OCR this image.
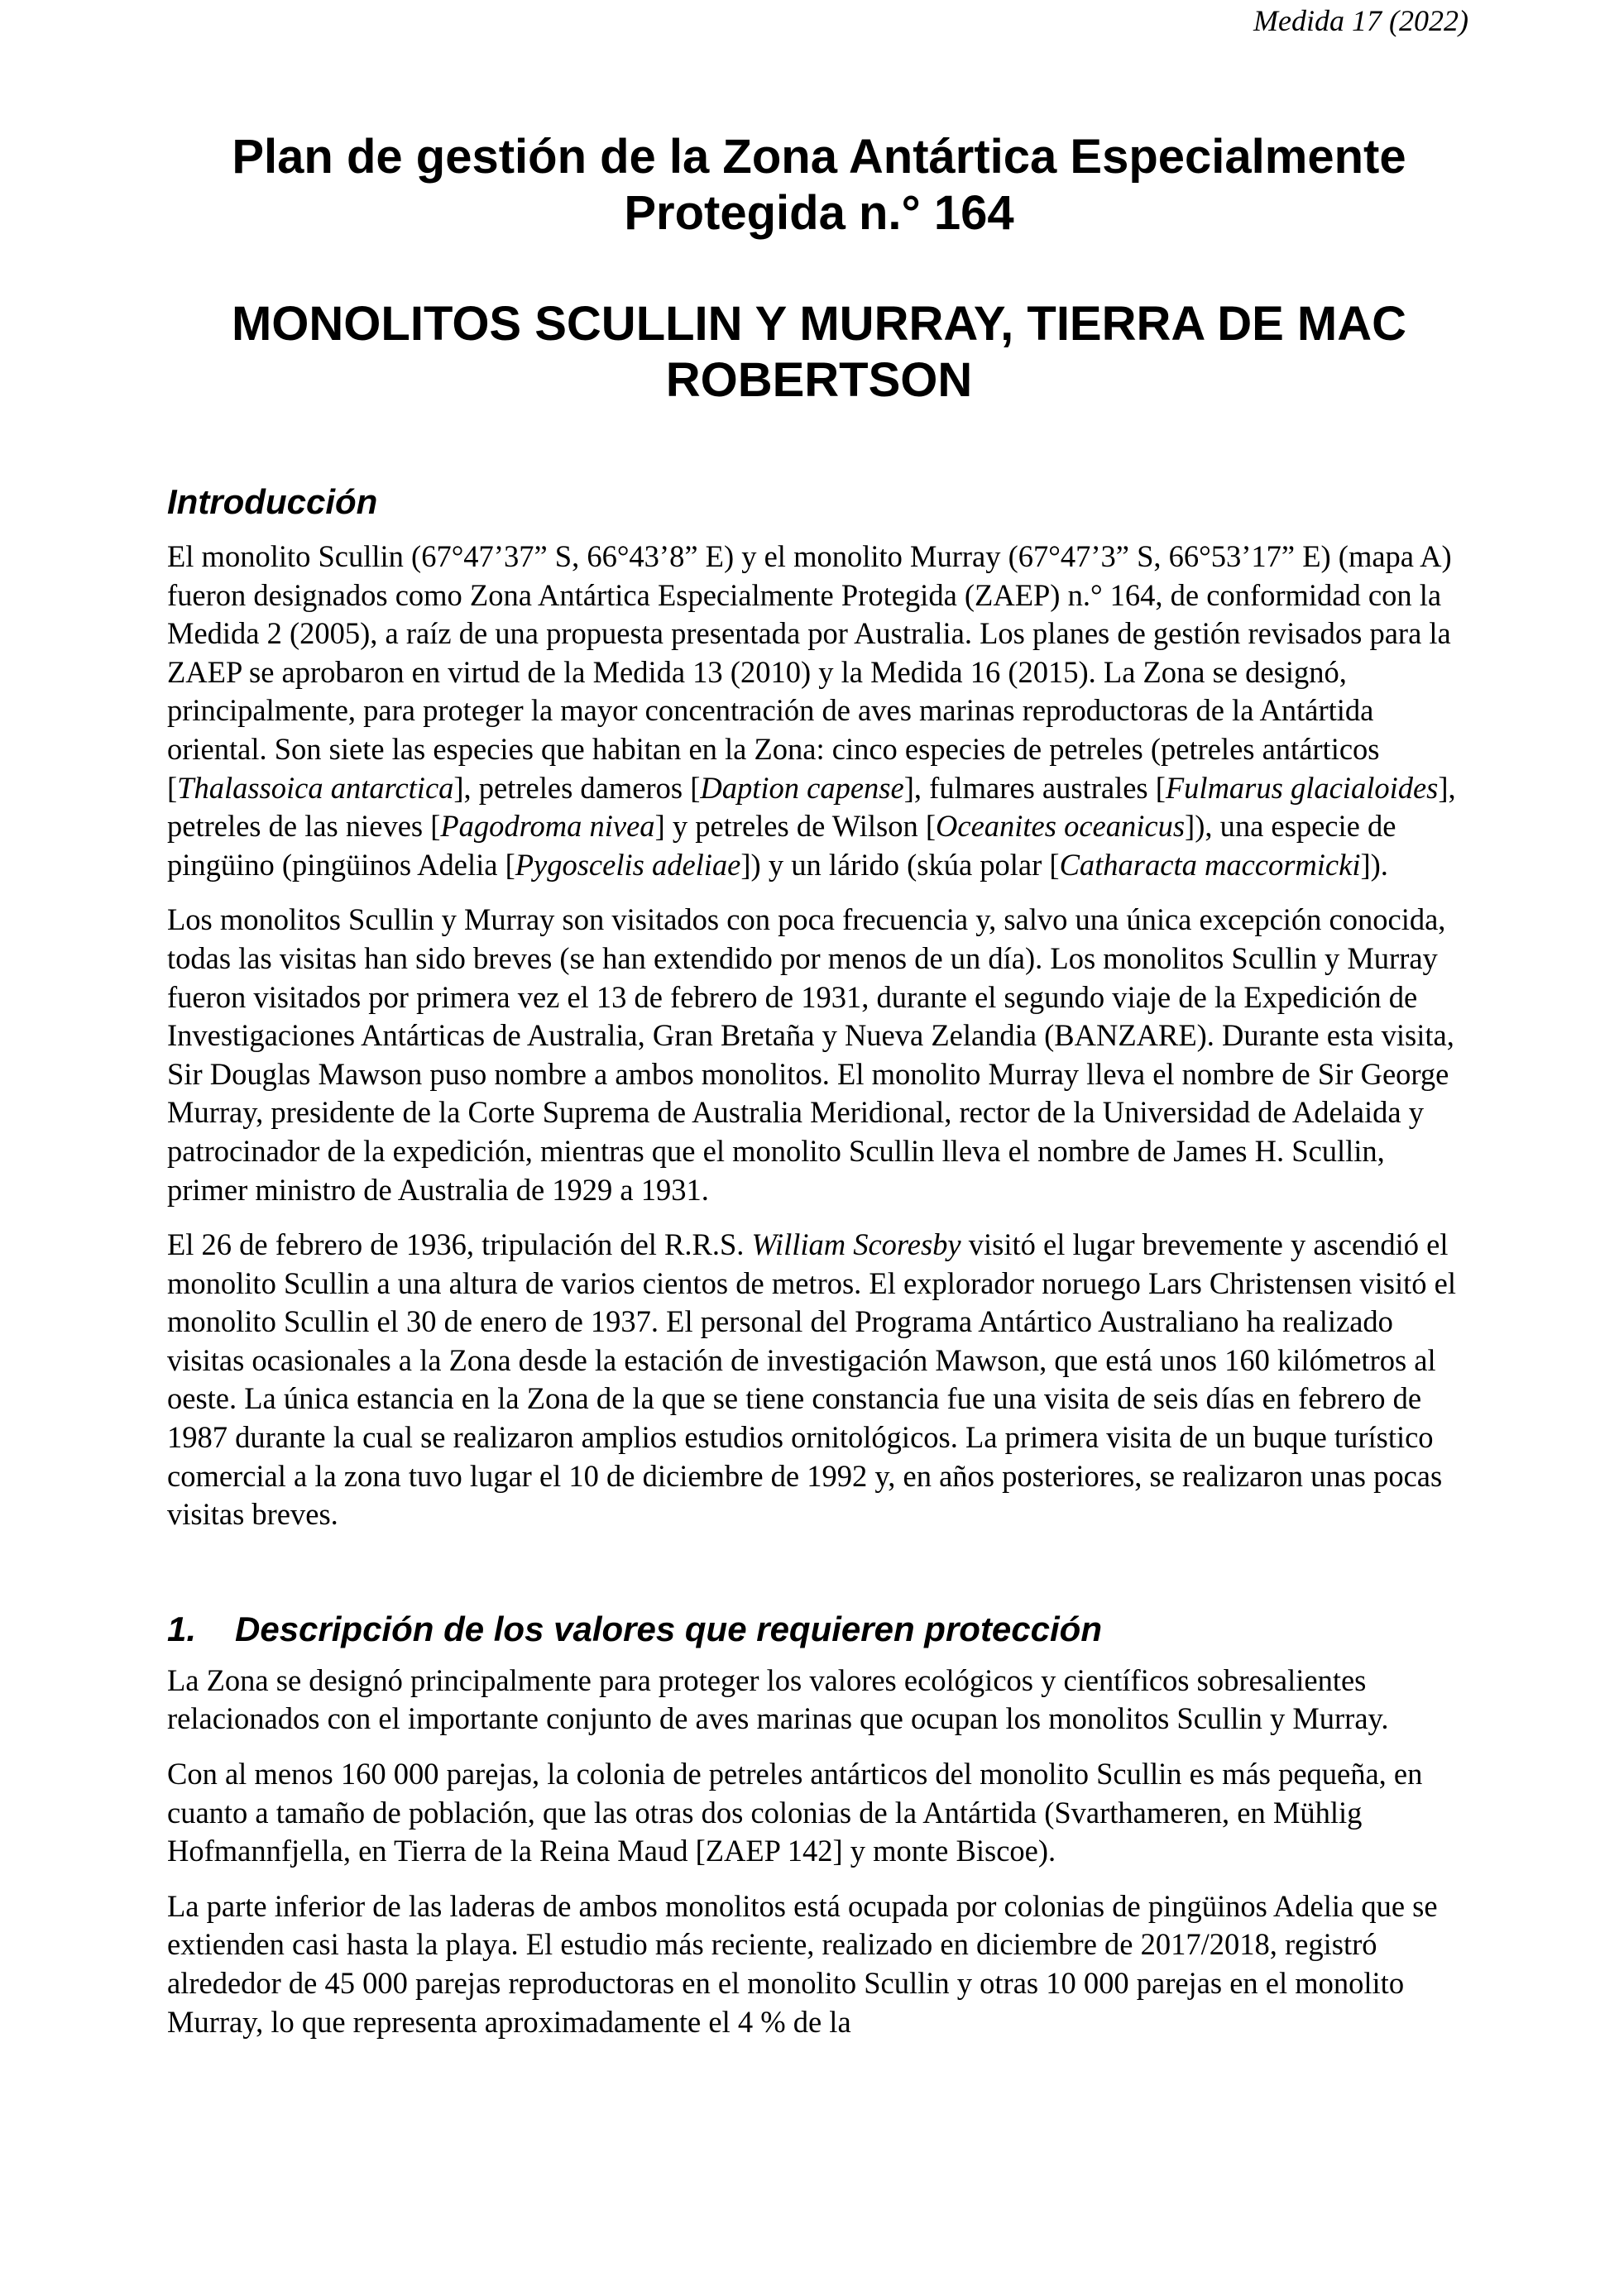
Medida 17 (2022)

Plan de gestión de la Zona Antártica Especialmente Protegida n.° 164
MONOLITOS SCULLIN Y MURRAY, TIERRA DE MAC ROBERTSON
Introducción

El monolito Scullin (67°47’37” S, 66°43’8” E) y el monolito Murray (67°47’3” S, 66°53’17” E) (mapa A) fueron designados como Zona Antártica Especialmente Protegida (ZAEP) n.° 164, de conformidad con la Medida 2 (2005), a raíz de una propuesta presentada por Australia. Los planes de gestión revisados para la ZAEP se aprobaron en virtud de la Medida 13 (2010) y la Medida 16 (2015). La Zona se designó, principalmente, para proteger la mayor concentración de aves marinas reproductoras de la Antártida oriental. Son siete las especies que habitan en la Zona: cinco especies de petreles (petreles antárticos [Thalassoica antarctica], petreles dameros [Daption capense], fulmares australes [Fulmarus glacialoides], petreles de las nieves [Pagodroma nivea] y petreles de Wilson [Oceanites oceanicus]), una especie de pingüino (pingüinos Adelia [Pygoscelis adeliae]) y un lárido (skúa polar [Catharacta maccormicki]).

Los monolitos Scullin y Murray son visitados con poca frecuencia y, salvo una única excepción conocida, todas las visitas han sido breves (se han extendido por menos de un día). Los monolitos Scullin y Murray fueron visitados por primera vez el 13 de febrero de 1931, durante el segundo viaje de la Expedición de Investigaciones Antárticas de Australia, Gran Bretaña y Nueva Zelandia (BANZARE). Durante esta visita, Sir Douglas Mawson puso nombre a ambos monolitos. El monolito Murray lleva el nombre de Sir George Murray, presidente de la Corte Suprema de Australia Meridional, rector de la Universidad de Adelaida y patrocinador de la expedición, mientras que el monolito Scullin lleva el nombre de James H. Scullin, primer ministro de Australia de 1929 a 1931.

El 26 de febrero de 1936, tripulación del R.R.S. William Scoresby visitó el lugar brevemente y ascendió el monolito Scullin a una altura de varios cientos de metros. El explorador noruego Lars Christensen visitó el monolito Scullin el 30 de enero de 1937. El personal del Programa Antártico Australiano ha realizado visitas ocasionales a la Zona desde la estación de investigación Mawson, que está unos 160 kilómetros al oeste. La única estancia en la Zona de la que se tiene constancia fue una visita de seis días en febrero de 1987 durante la cual se realizaron amplios estudios ornitológicos. La primera visita de un buque turístico comercial a la zona tuvo lugar el 10 de diciembre de 1992 y, en años posteriores, se realizaron unas pocas visitas breves.

1. Descripción de los valores que requieren protección

La Zona se designó principalmente para proteger los valores ecológicos y científicos sobresalientes relacionados con el importante conjunto de aves marinas que ocupan los monolitos Scullin y Murray.

Con al menos 160 000 parejas, la colonia de petreles antárticos del monolito Scullin es más pequeña, en cuanto a tamaño de población, que las otras dos colonias de la Antártida (Svarthameren, en Mühlig Hofmannfjella, en Tierra de la Reina Maud [ZAEP 142] y monte Biscoe).

La parte inferior de las laderas de ambos monolitos está ocupada por colonias de pingüinos Adelia que se extienden casi hasta la playa. El estudio más reciente, realizado en diciembre de 2017/2018, registró alrededor de 45 000 parejas reproductoras en el monolito Scullin y otras 10 000 parejas en el monolito Murray, lo que representa aproximadamente el 4 % de la
